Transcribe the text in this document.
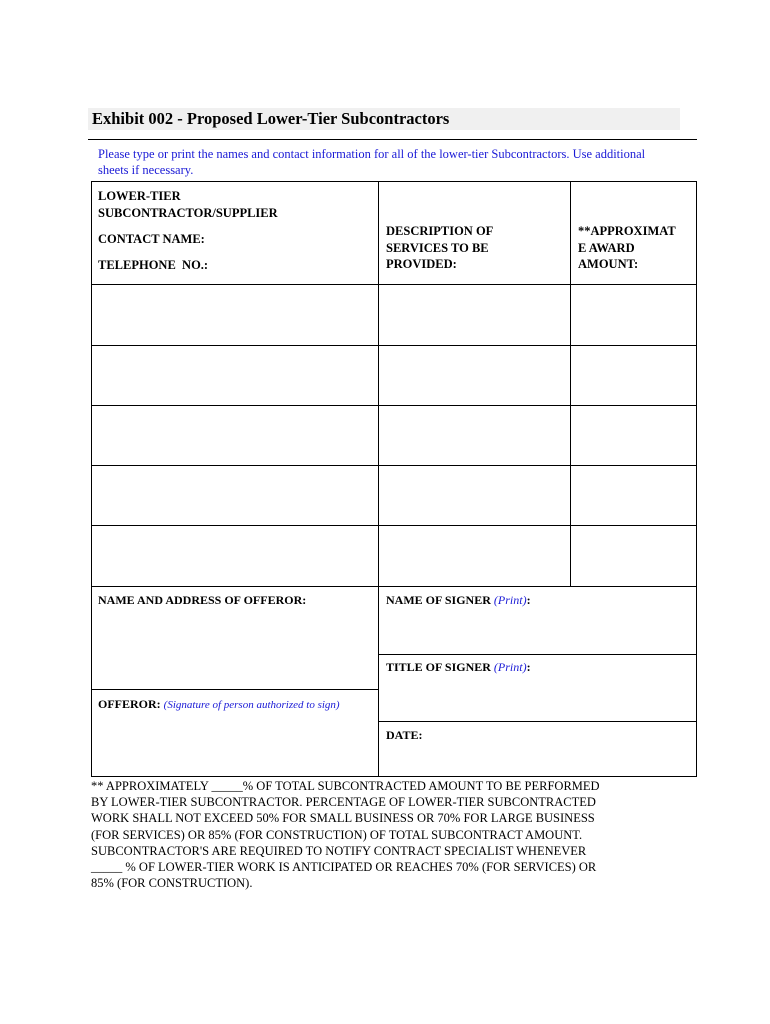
Exhibit 002 - Proposed Lower-Tier Subcontractors
Please type or print the names and contact information for all of the lower-tier Subcontractors. Use additional sheets if necessary.
LOWER-TIER
SUBCONTRACTOR/SUPPLIER
CONTACT NAME:
TELEPHONE  NO.:
DESCRIPTION OF
SERVICES TO BE
PROVIDED:
**APPROXIMAT
E AWARD
AMOUNT:
NAME AND ADDRESS OF OFFEROR:	NAME OF SIGNER (Print):
TITLE OF SIGNER (Print):
OFFEROR: (Signature of person authorized to sign)
DATE:
** APPROXIMATELY _____% OF TOTAL SUBCONTRACTED AMOUNT TO BE PERFORMED
BY LOWER-TIER SUBCONTRACTOR. PERCENTAGE OF LOWER-TIER SUBCONTRACTED
WORK SHALL NOT EXCEED 50% FOR SMALL BUSINESS OR 70% FOR LARGE BUSINESS
(FOR SERVICES) OR 85% (FOR CONSTRUCTION) OF TOTAL SUBCONTRACT AMOUNT.
SUBCONTRACTOR'S ARE REQUIRED TO NOTIFY CONTRACT SPECIALIST WHENEVER
_____ % OF LOWER-TIER WORK IS ANTICIPATED OR REACHES 70% (FOR SERVICES) OR
85% (FOR CONSTRUCTION).
